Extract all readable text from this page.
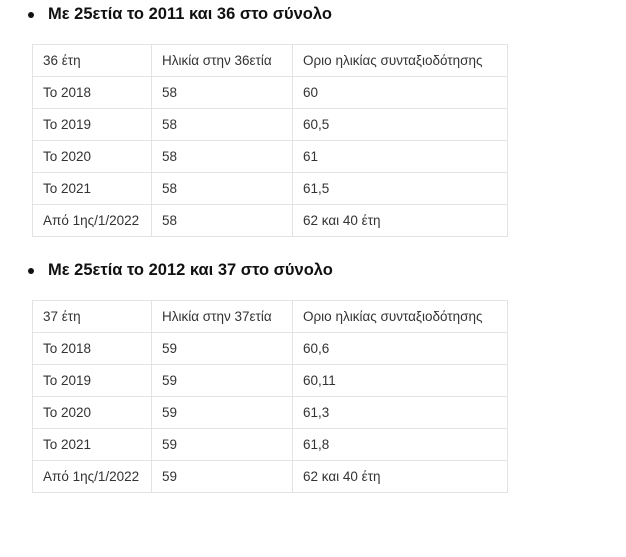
Με 25ετία το 2011 και 36 στο σύνολο
36 έτη	Ηλικία στην 36ετία	Οριο ηλικίας συνταξιοδότησης
Το 2018	58	60
Το 2019	58	60,5
Το 2020	58	61
Το 2021	58	61,5
Από 1ης/1/2022	58	62 και 40 έτη
Με 25ετία το 2012 και 37 στο σύνολο
37 έτη	Ηλικία στην 37ετία	Οριο ηλικίας συνταξιοδότησης
Το 2018	59	60,6
Το 2019	59	60,11
Το 2020	59	61,3
Το 2021	59	61,8
Από 1ης/1/2022	59	62 και 40 έτη
